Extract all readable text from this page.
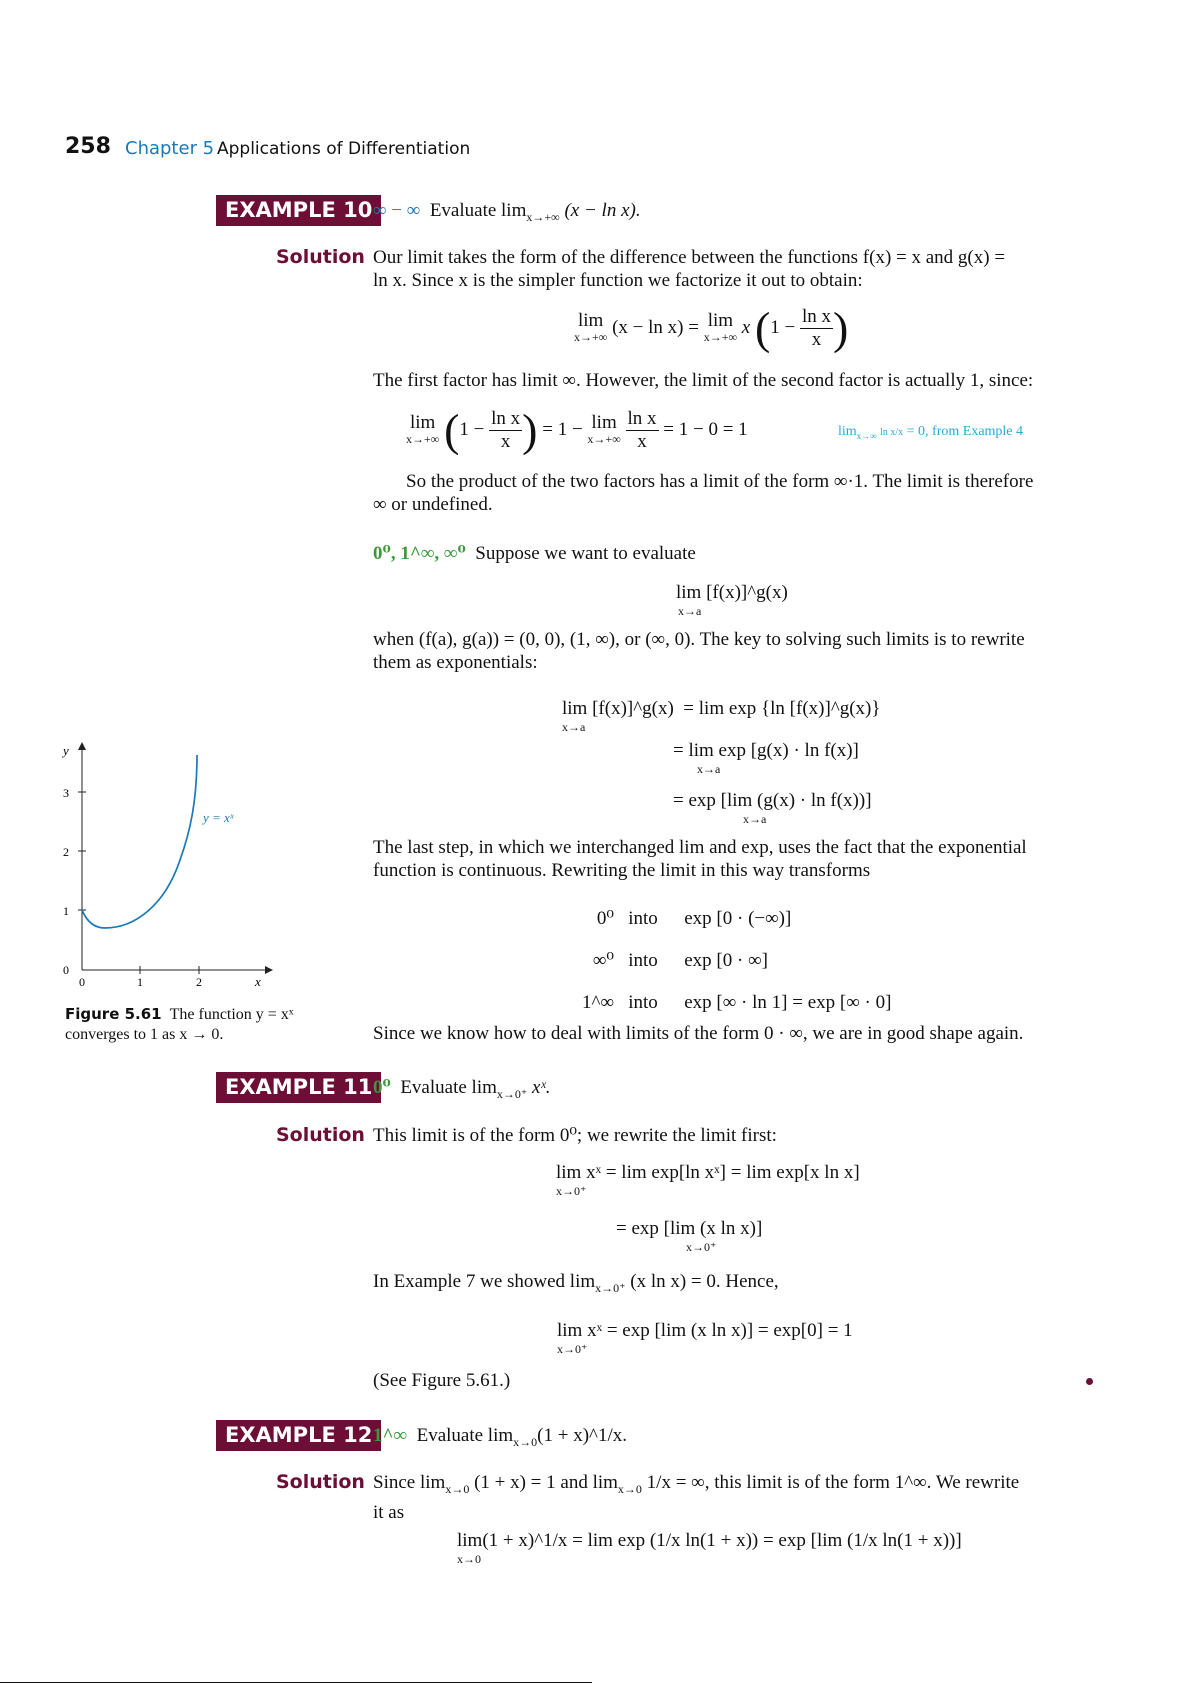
258 Chapter 5 Applications of Differentiation
EXAMPLE 10 ∞ − ∞ Evaluate $\lim_{x\to+\infty} (x - \ln x)$.
Solution Our limit takes the form of the difference between the functions f(x) = x and g(x) =
ln x. Since x is the simpler function we factorize it out to obtain:
lim
x→+∞ (x − ln x) = lim
x→+∞ x ($1 - \frac{\text{ln x}}{x}$ )
The first factor has limit ∞. However, the limit of the second factor is actually 1, since:
lim
x→+∞ ($1 - \frac{\text{ln x}}{x}$ ) = 1 − lim
x→+∞
$\frac{\text{ln x}}{x} = 1 - 0 = 1$	$\lim_{x\to\infty} \ln x/x = 0$, from Example 4
So the product of the two factors has a limit of the form ∞·1. The limit is therefore
∞ or undefined.
0⁰, 1^∞, ∞⁰ Suppose we want to evaluate
lim [f(x)]^g(x)
x→a
when (f(a), g(a)) = (0, 0), (1, ∞), or (∞, 0). The key to solving such limits is to rewrite
them as exponentials:
lim [f(x)]^g(x) = lim exp {ln [f(x)]^g(x)}
x→a
= lim exp [g(x) · ln f(x)]
x→a
= exp [lim (g(x) · ln f(x))]
x→a
The last step, in which we interchanged lim and exp, uses the fact that the exponential
function is continuous. Rewriting the limit in this way transforms
0⁰ into exp [0 · (−∞)]
∞⁰ into exp [0 · ∞]
1^∞ into exp [∞ · ln 1] = exp [∞ · 0]
Since we know how to deal with limits of the form 0 · ∞, we are in good shape again.
y = xˣ
y
x
0
1
2
3
0	1	2
Figure 5.61 The function y = xˣ
converges to 1 as x → 0.
EXAMPLE 11 0⁰ Evaluate $\lim_{x\to 0^+}$ xˣ.
Solution This limit is of the form 0⁰; we rewrite the limit first:
lim xˣ = lim exp[ln xˣ] = lim exp[x ln x]
x→0⁺
= exp [lim (x ln x)]
x→0⁺
In Example 7 we showed $\lim_{x\to 0^+} (x$ ln x) = 0. Hence,
lim xˣ = exp [lim (x ln x)] = exp[0] = 1
x→0⁺
(See Figure 5.61.)
EXAMPLE 12 1^∞ Evaluate $\lim_{x\to 0}(1$ + x)^1/x.
Solution Since $\lim_{x\to 0} (1 + x) = 1$ and $\lim_{x\to 0} 1/x$ = ∞, this limit is of the form 1^∞. We rewrite
it as
lim(1 + x)^1/x = lim exp (1/x ln(1 + x)) = exp [lim (1/x ln(1 + x))]
x→0
